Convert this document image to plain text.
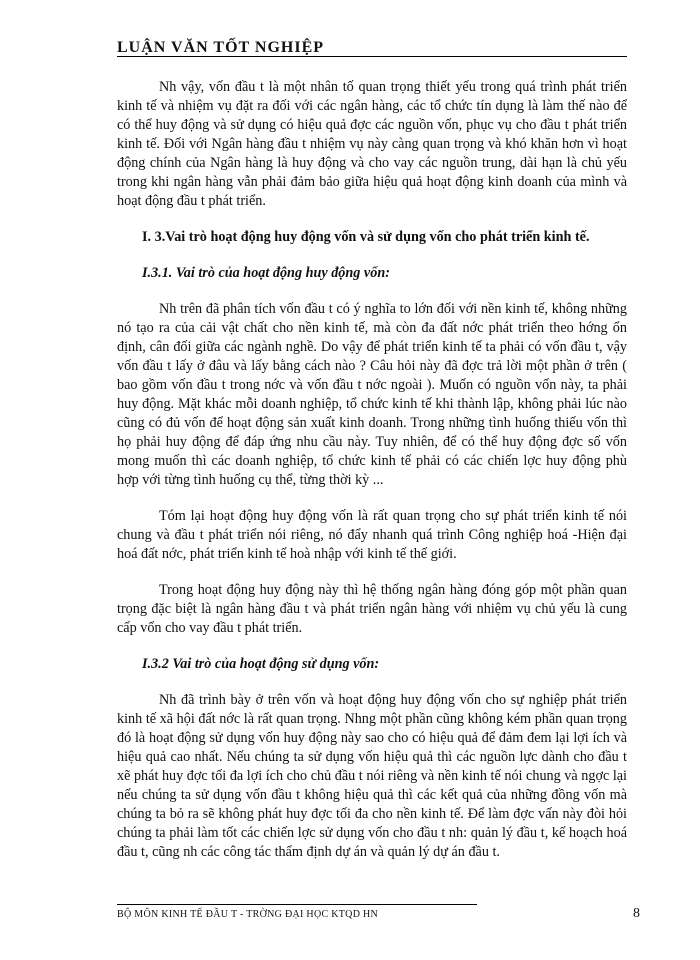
LUẬN VĂN TỐT NGHIỆP

Nh vậy, vốn đầu t là một nhân tố quan trọng thiết yếu trong quá trình phát triển kinh tế và nhiệm vụ đặt ra đối với các ngân hàng, các tổ chức tín dụng là làm thế nào để có thể huy động và sử dụng có hiệu quả đợc các nguồn vốn, phục vụ cho đầu t phát triển kinh tế. Đối với Ngân hàng đầu t nhiệm vụ này càng quan trọng và khó khăn hơn vì hoạt động chính của Ngân hàng là huy động và cho vay các nguồn trung, dài hạn là chủ yếu trong khi ngân hàng vẫn phải đảm bảo giữa hiệu quả hoạt động kinh doanh của mình và hoạt động đầu t phát triển.

I. 3.Vai trò hoạt động huy động vốn và sử dụng vốn cho phát triển kinh tế.

I.3.1. Vai trò của hoạt động huy động vốn:

Nh trên đã phân tích vốn đầu t có ý nghĩa to lớn đối với nền kinh tế, không những nó tạo ra của cải vật chất cho nền kinh tế, mà còn đa đất nớc phát triển theo hớng ổn định, cân đối giữa các ngành nghề. Do vậy để phát triển kinh tế ta phải có vốn đầu t, vậy vốn đầu t lấy ở đâu và lấy bằng cách nào ? Câu hỏi này đã đợc trả lời một phần ở trên ( bao gồm vốn đầu t trong nớc và vốn đầu t nớc ngoài ). Muốn có nguồn vốn này, ta phải huy động. Mặt khác mỗi doanh nghiệp, tổ chức kinh tế khi thành lập, không phải lúc nào cũng có đủ vốn để hoạt động sản xuất kinh doanh. Trong những tình huống thiếu vốn thì họ phải huy động để đáp ứng nhu cầu này. Tuy nhiên, để có thể huy động đợc số vốn mong muốn thì các doanh nghiệp, tổ chức kinh tế phải có các chiến lợc huy động phù hợp với từng tình huống cụ thể, từng thời kỳ ...

Tóm lại hoạt động huy động vốn là rất quan trọng cho sự phát triển kinh tế nói chung và đầu t phát triển nói riêng, nó đẩy nhanh quá trình Công nghiệp hoá -Hiện đại hoá đất nớc, phát triển kinh tế hoà nhập với kinh tế thế giới.

Trong hoạt động huy động này thì hệ thống ngân hàng đóng góp một phần quan trọng đặc biệt là ngân hàng đầu t và phát triển ngân hàng với nhiệm vụ chủ yếu là cung cấp vốn cho vay đầu t phát triển.

I.3.2 Vai trò của hoạt động sử dụng vốn:

Nh đã trình bày ở trên vốn và hoạt động huy động vốn cho sự nghiệp phát triển kinh tế xã hội đất nớc là rất quan trọng. Nhng một phần cũng không kém phần quan trọng đó là hoạt động sử dụng vốn huy động này sao cho có hiệu quả để đảm đem lại lợi ích và hiệu quả cao nhất. Nếu chúng ta sử dụng vốn hiệu quả thì các nguồn lực dành cho đầu t xẽ phát huy đợc tối đa lợi ích cho chủ đầu t nói riêng và nền kinh tế nói chung và ngợc lại nếu chúng ta sử dụng vốn đầu t không hiệu quả thì các kết quả của những đồng vốn mà chúng ta bỏ ra sẽ không phát huy đợc tối đa cho nền kinh tế. Để làm đợc vấn này đòi hỏi chúng ta phải làm tốt các chiến lợc sử dụng vốn cho đầu t nh: quản lý đầu t, kế hoạch hoá đầu t, cũng nh các công tác thẩm định dự án và quản lý dự án đầu t.

BỘ MÔN KINH TẾ ĐẦU T - TRỜNG ĐẠI HỌC KTQD HN	8
